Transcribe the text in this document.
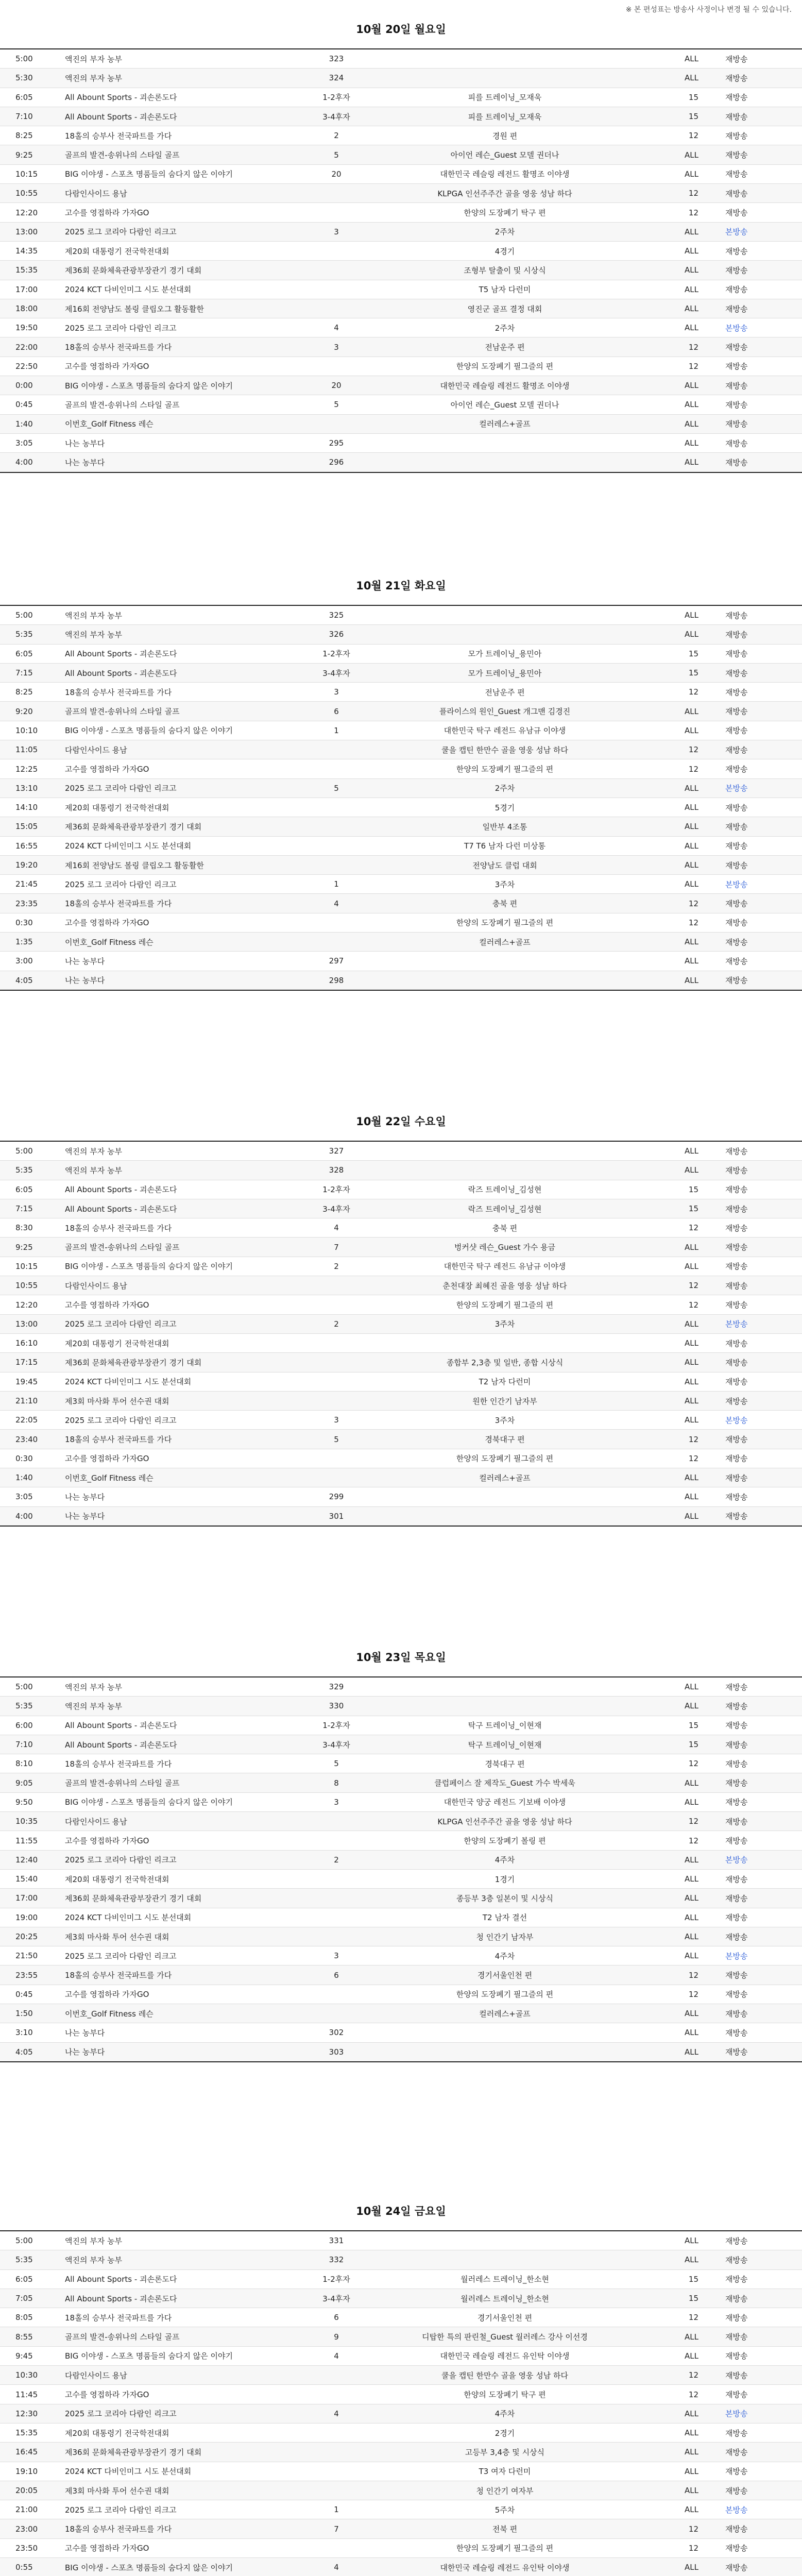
※ 본 편성표는 방송사 사정이나 변경 될 수 있습니다.
10월 20일 월요일
5:00	액진의 부자 농부	323		ALL	재방송
5:30	액진의 부자 농부	324		ALL	재방송
6:05	All Abount Sports - 괴손론도다	1-2후자	피를 트레이닝_모재욱	15	재방송
7:10	All Abount Sports - 괴손론도다	3-4후자	피를 트레이닝_모재욱	15	재방송
8:25	18홀의 승부사 전국파트를 가다	2	경원 편	12	재방송
9:25	골프의 발견-송위나의 스타일 골프	5	아이언 레슨_Guest 모델 권더나	ALL	재방송
10:15	BIG 이야생 - 스포츠 명품들의 숨다지 않은 이야기	20	대한민국 레슬링 레전드 활명조 이야생	ALL	재방송
10:55	다람인사이드 용남		KLPGA 인선주주간 골을 영웅 성남 하다	12	재방송
12:20	고수를 영접하라 가자GO		한양의 도장폐기 탁구 편	12	재방송
13:00	2025 로그 코리아 다람인 리크고	3	2주차	ALL	본방송
14:35	제20회 대통령기 전국학전대회		4경기	ALL	재방송
15:35	제36회 문화체육관광부장관기 경기 대회		조형부 탈출이 및 시상식	ALL	재방송
17:00	2024 KCT 다비인미그 시도 분선대회		T5 남자 다런미	ALL	재방송
18:00	제16회 전양남도 볼링 클립오그 활동활한		영진군 골프 결정 대회	ALL	재방송
19:50	2025 로그 코리아 다람인 리크고	4	2주차	ALL	본방송
22:00	18홀의 승부사 전국파트를 가다	3	전남운주 편	12	재방송
22:50	고수를 영접하라 가자GO		한양의 도장폐기 필그즐의 편	12	재방송
0:00	BIG 이야생 - 스포츠 명품들의 숨다지 않은 이야기	20	대한민국 레슬링 레전드 활명조 이야생	ALL	재방송
0:45	골프의 발견-송위나의 스타일 골프	5	아이언 레슨_Guest 모델 권더나	ALL	재방송
1:40	이번호_Golf Fitness 레슨		컬러레스+골프	ALL	재방송
3:05	나는 농부다	295		ALL	재방송
4:00	나는 농부다	296		ALL	재방송
10월 21일 화요일
5:00	액진의 부자 농부	325		ALL	재방송
5:35	액진의 부자 농부	326		ALL	재방송
6:05	All Abount Sports - 괴손론도다	1-2후자	모가 트레이닝_용민아	15	재방송
7:15	All Abount Sports - 괴손론도다	3-4후자	모가 트레이닝_용민아	15	재방송
8:25	18홀의 승부사 전국파트를 가다	3	전남운주 편	12	재방송
9:20	골프의 발견-송위나의 스타일 골프	6	플라이스의 원인_Guest 개그맨 김경진	ALL	재방송
10:10	BIG 이야생 - 스포츠 명품들의 숨다지 않은 이야기	1	대한민국 탁구 레전드 유남규 이야생	ALL	재방송
11:05	다람인사이드 용남		쿨을 캡틴 한만수 골을 영웅 성남 하다	12	재방송
12:25	고수를 영접하라 가자GO		한양의 도장폐기 필그즐의 편	12	재방송
13:10	2025 로그 코리아 다람인 리크고	5	2주차	ALL	본방송
14:10	제20회 대통령기 전국학전대회		5경기	ALL	재방송
15:05	제36회 문화체육관광부장관기 경기 대회		일반부 4조통	ALL	재방송
16:55	2024 KCT 다비인미그 시도 분선대회		T7 T6 남자 다런 미상통	ALL	재방송
19:20	제16회 전양남도 볼링 클립오그 활동활한		전양남도 클럽 대회	ALL	재방송
21:45	2025 로그 코리아 다람인 리크고	1	3주차	ALL	본방송
23:35	18홀의 승부사 전국파트를 가다	4	충북 편	12	재방송
0:30	고수를 영접하라 가자GO		한양의 도장폐기 필그즐의 편	12	재방송
1:35	이번호_Golf Fitness 레슨		컬러레스+골프	ALL	재방송
3:00	나는 농부다	297		ALL	재방송
4:05	나는 농부다	298		ALL	재방송
10월 22일 수요일
5:00	액진의 부자 농부	327		ALL	재방송
5:35	액진의 부자 농부	328		ALL	재방송
6:05	All Abount Sports - 괴손론도다	1-2후자	락즈 트레이닝_김성현	15	재방송
7:15	All Abount Sports - 괴손론도다	3-4후자	락즈 트레이닝_김성현	15	재방송
8:30	18홀의 승부사 전국파트를 가다	4	충북 편	12	재방송
9:25	골프의 발견-송위나의 스타일 골프	7	벙커샷 레슨_Guest 가수 용금	ALL	재방송
10:15	BIG 이야생 - 스포츠 명품들의 숨다지 않은 이야기	2	대한민국 탁구 레전드 유남규 이야생	ALL	재방송
10:55	다람인사이드 용남		춘천대장 최혜진 골을 영웅 성남 하다	12	재방송
12:20	고수를 영접하라 가자GO		한양의 도장폐기 필그즐의 편	12	재방송
13:00	2025 로그 코리아 다람인 리크고	2	3주차	ALL	본방송
16:10	제20회 대통령기 전국학전대회			ALL	재방송
17:15	제36회 문화체육관광부장관기 경기 대회		종합부 2,3층 및 일반, 종합 시상식	ALL	재방송
19:45	2024 KCT 다비인미그 시도 분선대회		T2 남자 다런미	ALL	재방송
21:10	제3회 마사화 투어 선수권 대회		원한 인간기 남자부	ALL	재방송
22:05	2025 로그 코리아 다람인 리크고	3	3주차	ALL	본방송
23:40	18홀의 승부사 전국파트를 가다	5	경북대구 편	12	재방송
0:30	고수를 영접하라 가자GO		한양의 도장폐기 필그즐의 편	12	재방송
1:40	이번호_Golf Fitness 레슨		컬러레스+골프	ALL	재방송
3:05	나는 농부다	299		ALL	재방송
4:00	나는 농부다	301		ALL	재방송
10월 23일 목요일
5:00	액진의 부자 농부	329		ALL	재방송
5:35	액진의 부자 농부	330		ALL	재방송
6:00	All Abount Sports - 괴손론도다	1-2후자	탁구 트레이닝_이현재	15	재방송
7:10	All Abount Sports - 괴손론도다	3-4후자	탁구 트레이닝_이현재	15	재방송
8:10	18홀의 승부사 전국파트를 가다	5	경북대구 편	12	재방송
9:05	골프의 발견-송위나의 스타일 골프	8	클럽페이스 잘 제작도_Guest 가수 박세욱	ALL	재방송
9:50	BIG 이야생 - 스포츠 명품들의 숨다지 않은 이야기	3	대한민국 양궁 레전드 기보배 이야생	ALL	재방송
10:35	다람인사이드 용남		KLPGA 인선주주간 골을 영웅 성남 하다	12	재방송
11:55	고수를 영접하라 가자GO		한양의 도장폐기 볼링 편	12	재방송
12:40	2025 로그 코리아 다람인 리크고	2	4주차	ALL	본방송
15:40	제20회 대통령기 전국학전대회		1경기	ALL	재방송
17:00	제36회 문화체육관광부장관기 경기 대회		종등부 3층 일본이 및 시상식	ALL	재방송
19:00	2024 KCT 다비인미그 시도 분선대회		T2 남자 결선	ALL	재방송
20:25	제3회 마사화 투어 선수권 대회		청 인간기 남자부	ALL	재방송
21:50	2025 로그 코리아 다람인 리크고	3	4주차	ALL	본방송
23:55	18홀의 승부사 전국파트를 가다	6	경기서울인천 편	12	재방송
0:45	고수를 영접하라 가자GO		한양의 도장폐기 필그즐의 편	12	재방송
1:50	이번호_Golf Fitness 레슨		컬러레스+골프	ALL	재방송
3:10	나는 농부다	302		ALL	재방송
4:05	나는 농부다	303		ALL	재방송
10월 24일 금요일
5:00	액진의 부자 농부	331		ALL	재방송
5:35	액진의 부자 농부	332		ALL	재방송
6:05	All Abount Sports - 괴손론도다	1-2후자	월러레스 트레이닝_한소현	15	재방송
7:05	All Abount Sports - 괴손론도다	3-4후자	월러레스 트레이닝_한소현	15	재방송
8:05	18홀의 승부사 전국파트를 가다	6	경기서울인천 편	12	재방송
8:55	골프의 발견-송위나의 스타일 골프	9	디탑한 특의 판린철_Guest 월러레스 강사 이선경	ALL	재방송
9:45	BIG 이야생 - 스포츠 명품들의 숨다지 않은 이야기	4	대한민국 레슬링 레전드 유인탁 이야생	ALL	재방송
10:30	다람인사이드 용남		쿨을 캡틴 한만수 골을 영웅 성남 하다	12	재방송
11:45	고수를 영접하라 가자GO		한양의 도장폐기 탁구 편	12	재방송
12:30	2025 로그 코리아 다람인 리크고	4	4주차	ALL	본방송
15:35	제20회 대통령기 전국학전대회		2경기	ALL	재방송
16:45	제36회 문화체육관광부장관기 경기 대회		고등부 3,4층 및 시상식	ALL	재방송
19:10	2024 KCT 다비인미그 시도 분선대회		T3 여자 다런미	ALL	재방송
20:05	제3회 마사화 투어 선수권 대회		청 인간기 여자부	ALL	재방송
21:00	2025 로그 코리아 다람인 리크고	1	5주차	ALL	본방송
23:00	18홀의 승부사 전국파트를 가다	7	전북 편	12	재방송
23:50	고수를 영접하라 가자GO		한양의 도장폐기 필그즐의 편	12	재방송
0:55	BIG 이야생 - 스포츠 명품들의 숨다지 않은 이야기	4	대한민국 레슬링 레전드 유인탁 이야생	ALL	재방송
